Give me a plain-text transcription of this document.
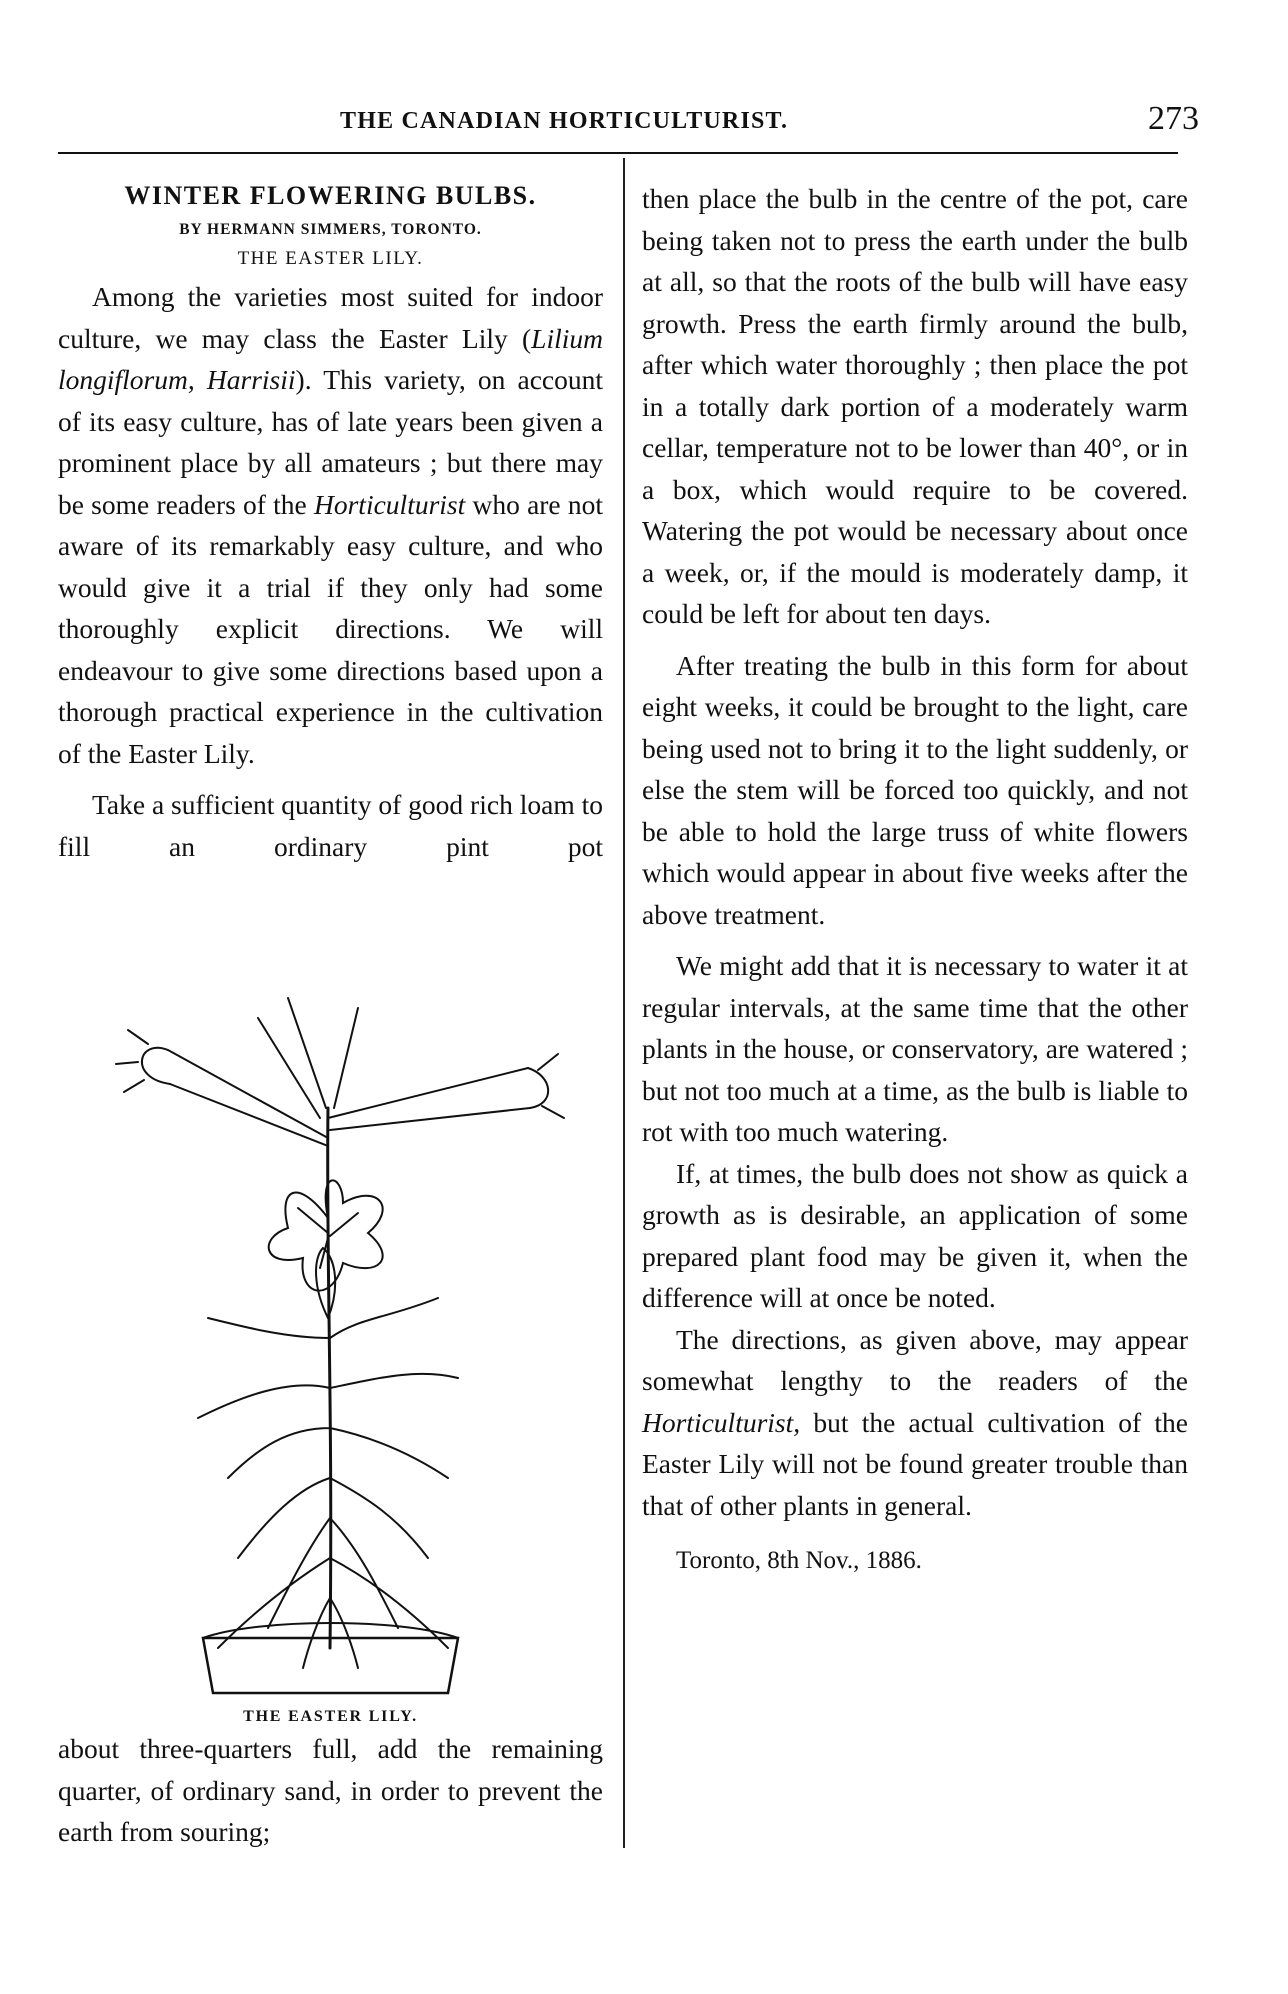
THE CANADIAN HORTICULTURIST.	273
WINTER FLOWERING BULBS.
BY HERMANN SIMMERS, TORONTO.
THE EASTER LILY.

Among the varieties most suited for indoor culture, we may class the Easter Lily (Lilium longiflorum, Harrisii). This variety, on account of its easy culture, has of late years been given a prominent place by all amateurs ; but there may be some readers of the Horticulturist who are not aware of its remarkably easy culture, and who would give it a trial if they only had some thoroughly explicit directions. We will endeavour to give some directions based upon a thorough practical experience in the cultivation of the Easter Lily.

Take a sufficient quantity of good rich loam to fill an ordinary pint pot

THE EASTER LILY.

about three-quarters full, add the remaining quarter, of ordinary sand, in order to prevent the earth from souring;

then place the bulb in the centre of the pot, care being taken not to press the earth under the bulb at all, so that the roots of the bulb will have easy growth. Press the earth firmly around the bulb, after which water thoroughly ; then place the pot in a totally dark portion of a moderately warm cellar, temperature not to be lower than 40°, or in a box, which would require to be covered. Watering the pot would be necessary about once a week, or, if the mould is moderately damp, it could be left for about ten days.

After treating the bulb in this form for about eight weeks, it could be brought to the light, care being used not to bring it to the light suddenly, or else the stem will be forced too quickly, and not be able to hold the large truss of white flowers which would appear in about five weeks after the above treatment.

We might add that it is necessary to water it at regular intervals, at the same time that the other plants in the house, or conservatory, are watered ; but not too much at a time, as the bulb is liable to rot with too much watering.

If, at times, the bulb does not show as quick a growth as is desirable, an application of some prepared plant food may be given it, when the difference will at once be noted.

The directions, as given above, may appear somewhat lengthy to the readers of the Horticulturist, but the actual cultivation of the Easter Lily will not be found greater trouble than that of other plants in general.

Toronto, 8th Nov., 1886.
